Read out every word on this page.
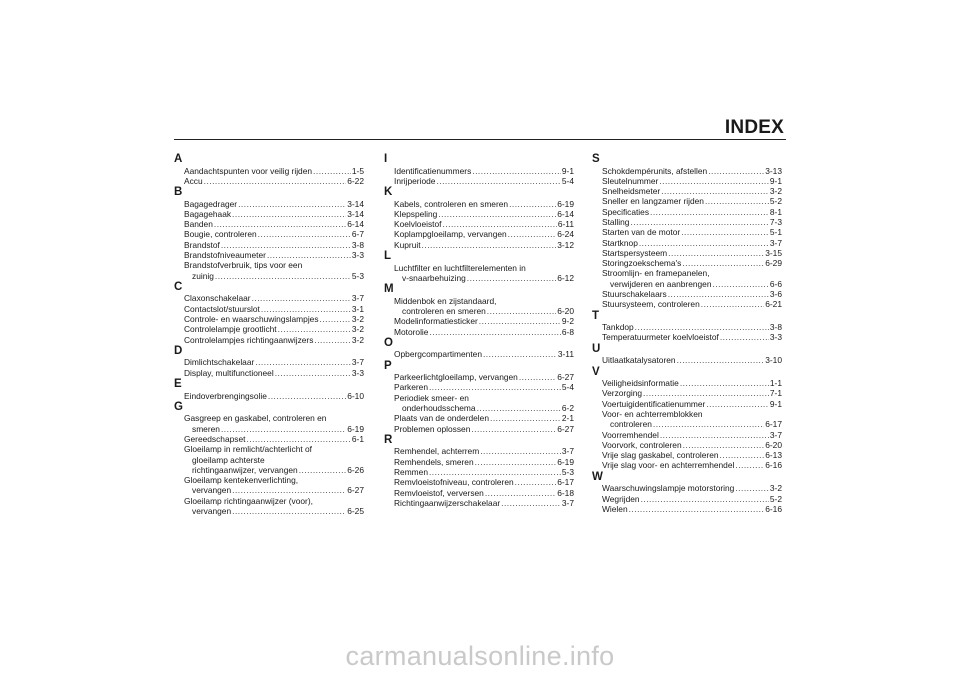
INDEX
A
Aandachtspunten voor veilig rijden .....	1-5
Accu .....	6-22
B
Bagagedrager .....	3-14
Bagagehaak .....	3-14
Banden .....	6-14
Bougie, controleren .....	6-7
Brandstof .....	3-8
Brandstofniveaumeter .....	3-3
Brandstofverbruik, tips voor een
zuinig .....	5-3
C
Claxonschakelaar .....	3-7
Contactslot/stuurslot .....	3-1
Controle- en waarschuwingslampjes .....	3-2
Controlelampje grootlicht .....	3-2
Controlelampjes richtingaanwijzers .....	3-2
D
Dimlichtschakelaar .....	3-7
Display, multifunctioneel .....	3-3
E
Eindoverbrengingsolie .....	6-10
G
Gasgreep en gaskabel, controleren en
smeren .....	6-19
Gereedschapset .....	6-1
Gloeilamp in remlicht/achterlicht of
gloeilamp achterste
richtingaanwijzer, vervangen .....	6-26
Gloeilamp kentekenverlichting,
vervangen .....	6-27
Gloeilamp richtingaanwijzer (voor),
vervangen .....	6-25
I
Identificatienummers .....	9-1
Inrijperiode .....	5-4
K
Kabels, controleren en smeren .....	6-19
Klepspeling .....	6-14
Koelvloeistof .....	6-11
Koplampgloeilamp, vervangen .....	6-24
Kupruit .....	3-12
L
Luchtfilter en luchtfilterelementen in
v-snaarbehuizing .....	6-12
M
Middenbok en zijstandaard,
controleren en smeren .....	6-20
Modelinformatiesticker .....	9-2
Motorolie .....	6-8
O
Opbergcompartimenten .....	3-11
P
Parkeerlichtgloeilamp, vervangen .....	6-27
Parkeren .....	5-4
Periodiek smeer- en
onderhoudsschema .....	6-2
Plaats van de onderdelen .....	2-1
Problemen oplossen .....	6-27
R
Remhendel, achterrem .....	3-7
Remhendels, smeren .....	6-19
Remmen .....	5-3
Remvloeistofniveau, controleren .....	6-17
Remvloeistof, verversen .....	6-18
Richtingaanwijzerschakelaar .....	3-7
S
Schokdempérunits, afstellen .....	3-13
Sleutelnummer .....	9-1
Snelheidsmeter .....	3-2
Sneller en langzamer rijden .....	5-2
Specificaties .....	8-1
Stalling .....	7-3
Starten van de motor .....	5-1
Startknop .....	3-7
Startspersysteem .....	3-15
Storingzoekschema's .....	6-29
Stroomlijn- en framepanelen,
verwijderen en aanbrengen .....	6-6
Stuurschakelaars .....	3-6
Stuursysteem, controleren .....	6-21
T
Tankdop .....	3-8
Temperatuurmeter koelvloeistof .....	3-3
U
Uitlaatkatalysatoren .....	3-10
V
Veiligheidsinformatie .....	1-1
Verzorging .....	7-1
Voertuigidentificatienummer .....	9-1
Voor- en achterremblokken
controleren .....	6-17
Voorremhendel .....	3-7
Voorvork, controleren .....	6-20
Vrije slag gaskabel, controleren .....	6-13
Vrije slag voor- en achterremhendel .....	6-16
W
Waarschuwingslampje motorstoring .....	3-2
Wegrijden .....	5-2
Wielen .....	6-16
carmanualsonline.info
